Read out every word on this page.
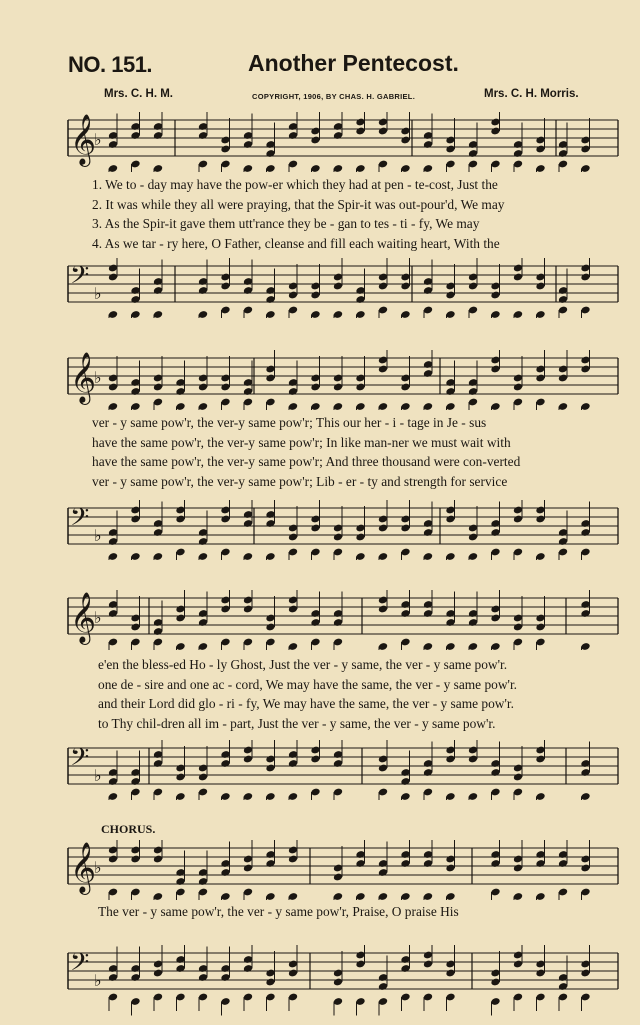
NO. 151.	Another Pentecost.
Mrs. C. H. M.	COPYRIGHT, 1906, BY CHAS. H. GABRIEL.	Mrs. C. H. Morris.
𝄞
♭
1. We to - day may have the pow-er which they had at pen - te-cost, Just the
2. It was while they all were praying, that the Spir-it was out-pour'd, We may
3. As the Spir-it gave them utt'rance they be - gan to tes - ti - fy, We may
4. As we tar - ry here, O Father, cleanse and fill each waiting heart, With the
𝄢 ♭
𝄞
♭
ver - y same pow'r, the ver-y same pow'r; This our her - i - tage in Je - sus
have the same pow'r, the ver-y same pow'r; In like man-ner we must wait with
have the same pow'r, the ver-y same pow'r; And three thousand were con-verted
ver - y same pow'r, the ver-y same pow'r; Lib - er - ty and strength for service
𝄢 ♭
𝄞
♭
e'en the bless-ed Ho - ly Ghost, Just the ver - y same, the ver - y same pow'r.
one de - sire and one ac - cord, We may have the same, the ver - y same pow'r.
and their Lord did glo - ri - fy, We may have the same, the ver - y same pow'r.
to Thy chil-dren all im - part, Just the ver - y same, the ver - y same pow'r.
𝄢 ♭
CHORUS.
𝄞
♭
The ver - y same pow'r, the ver - y same pow'r, Praise, O praise His
𝄢 ♭
